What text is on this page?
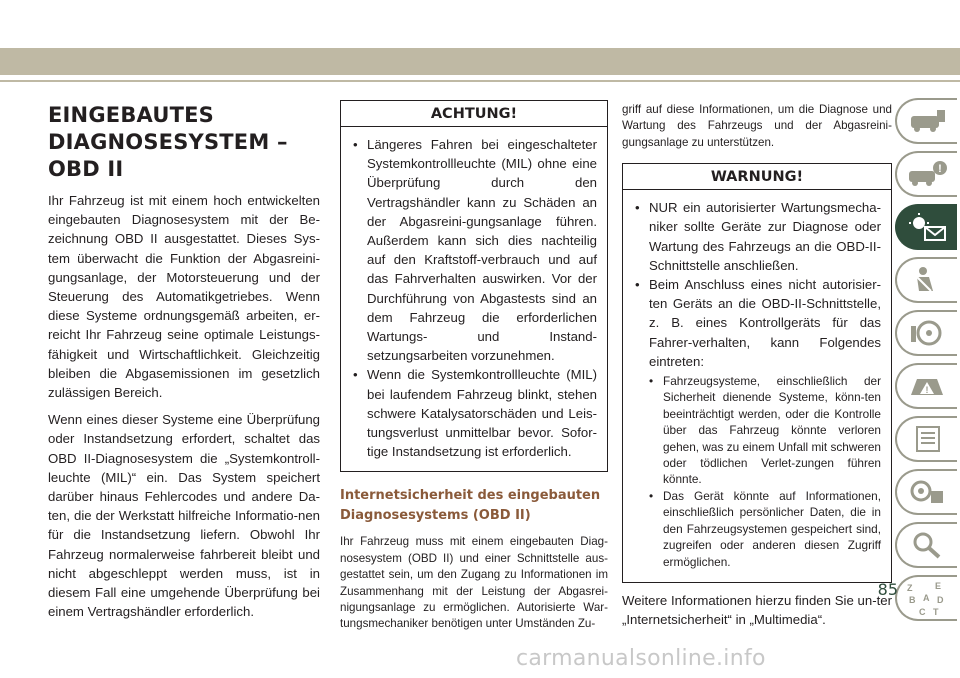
EINGEBAUTES DIAGNOSESYSTEM – OBD II

Ihr Fahrzeug ist mit einem hoch entwickelten eingebauten Diagnosesystem mit der Be-zeichnung OBD II ausgestattet. Dieses Sys-tem überwacht die Funktion der Abgasreini-gungsanlage, der Motorsteuerung und der Steuerung des Automatikgetriebes. Wenn diese Systeme ordnungsgemäß arbeiten, er-reicht Ihr Fahrzeug seine optimale Leistungs-fähigkeit und Wirtschaftlichkeit. Gleichzeitig bleiben die Abgasemissionen im gesetzlich zulässigen Bereich.

Wenn eines dieser Systeme eine Überprüfung oder Instandsetzung erfordert, schaltet das OBD II-Diagnosesystem die „Systemkontroll-leuchte (MIL)“ ein. Das System speichert darüber hinaus Fehlercodes und andere Da-ten, die der Werkstatt hilfreiche Informatio-nen für die Instandsetzung liefern. Obwohl Ihr Fahrzeug normalerweise fahrbereit bleibt und nicht abgeschleppt werden muss, ist in diesem Fall eine umgehende Überprüfung bei einem Vertragshändler erforderlich.

ACHTUNG!
• Längeres Fahren bei eingeschalteter Systemkontrollleuchte (MIL) ohne eine Überprüfung durch den Vertragshändler kann zu Schäden an der Abgasreini-gungsanlage führen. Außerdem kann sich dies nachteilig auf den Kraftstoff-verbrauch und auf das Fahrverhalten auswirken. Vor der Durchführung von Abgastests sind an dem Fahrzeug die erforderlichen Wartungs- und Instand-setzungsarbeiten vorzunehmen.
• Wenn die Systemkontrollleuchte (MIL) bei laufendem Fahrzeug blinkt, stehen schwere Katalysatorschäden und Leis-tungsverlust unmittelbar bevor. Sofor-tige Instandsetzung ist erforderlich.
Internetsicherheit des eingebauten Diagnosesystems (OBD II)

Ihr Fahrzeug muss mit einem eingebauten Diag-nosesystem (OBD II) und einer Schnittstelle aus-gestattet sein, um den Zugang zu Informationen im Zusammenhang mit der Leistung der Abgasrei-nigungsanlage zu ermöglichen. Autorisierte War-tungsmechaniker benötigen unter Umständen Zu-

griff auf diese Informationen, um die Diagnose und Wartung des Fahrzeugs und der Abgasreini-gungsanlage zu unterstützen.

WARNUNG!
• NUR ein autorisierter Wartungsmecha-niker sollte Geräte zur Diagnose oder Wartung des Fahrzeugs an die OBD-II-Schnittstelle anschließen.
• Beim Anschluss eines nicht autorisier-ten Geräts an die OBD-II-Schnittstelle, z. B. eines Kontrollgeräts für das Fahrer-verhalten, kann Folgendes eintreten:
• Fahrzeugsysteme, einschließlich der Sicherheit dienende Systeme, könn-ten beeinträchtigt werden, oder die Kontrolle über das Fahrzeug könnte verloren gehen, was zu einem Unfall mit schweren oder tödlichen Verlet-zungen führen könnte.
• Das Gerät könnte auf Informationen, einschließlich persönlicher Daten, die in den Fahrzeugsystemen gespeichert sind, zugreifen oder anderen diesen Zugriff ermöglichen.

Weitere Informationen hierzu finden Sie un-ter „Internetsicherheit“ in „Multimedia“.

!
!
Z	E
B A D
C T
85
carmanualsonline.info
